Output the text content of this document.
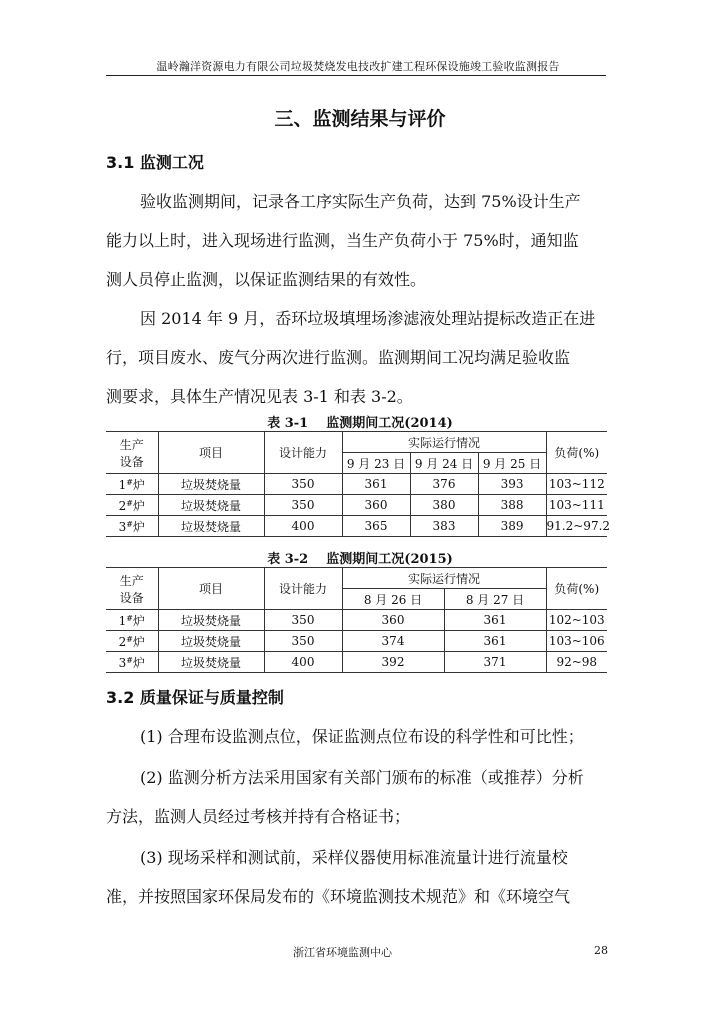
温岭瀚洋资源电力有限公司垃圾焚烧发电技改扩建工程环保设施竣工验收监测报告
三、监测结果与评价
3.1 监测工况
验收监测期间，记录各工序实际生产负荷，达到 75%设计生产
能力以上时，进入现场进行监测，当生产负荷小于 75%时，通知监
测人员停止监测，以保证监测结果的有效性。
因 2014 年 9 月，岙环垃圾填埋场渗滤液处理站提标改造正在进
行，项目废水、废气分两次进行监测。监测期间工况均满足验收监
测要求，具体生产情况见表 3-1 和表 3-2。
表 3-1    监测期间工况(2014)
生产
设备	项目	设计能力	实际运行情况			负荷(%)
			9 月 23 日	9 月 24 日	9 月 25 日	
1#炉	垃圾焚烧量	350	361	376	393	103~112
2#炉	垃圾焚烧量	350	360	380	388	103~111
3#炉	垃圾焚烧量	400	365	383	389	91.2~97.2
表 3-2    监测期间工况(2015)
生产
设备	项目	设计能力	实际运行情况		负荷(%)
			8 月 26 日	8 月 27 日	
1#炉	垃圾焚烧量	350	360	361	102~103
2#炉	垃圾焚烧量	350	374	361	103~106
3#炉	垃圾焚烧量	400	392	371	92~98
3.2 质量保证与质量控制
(1) 合理布设监测点位，保证监测点位布设的科学性和可比性；
(2) 监测分析方法采用国家有关部门颁布的标准（或推荐）分析
方法，监测人员经过考核并持有合格证书；
(3) 现场采样和测试前，采样仪器使用标准流量计进行流量校
准，并按照国家环保局发布的《环境监测技术规范》和《环境空气
浙江省环境监测中心	28
